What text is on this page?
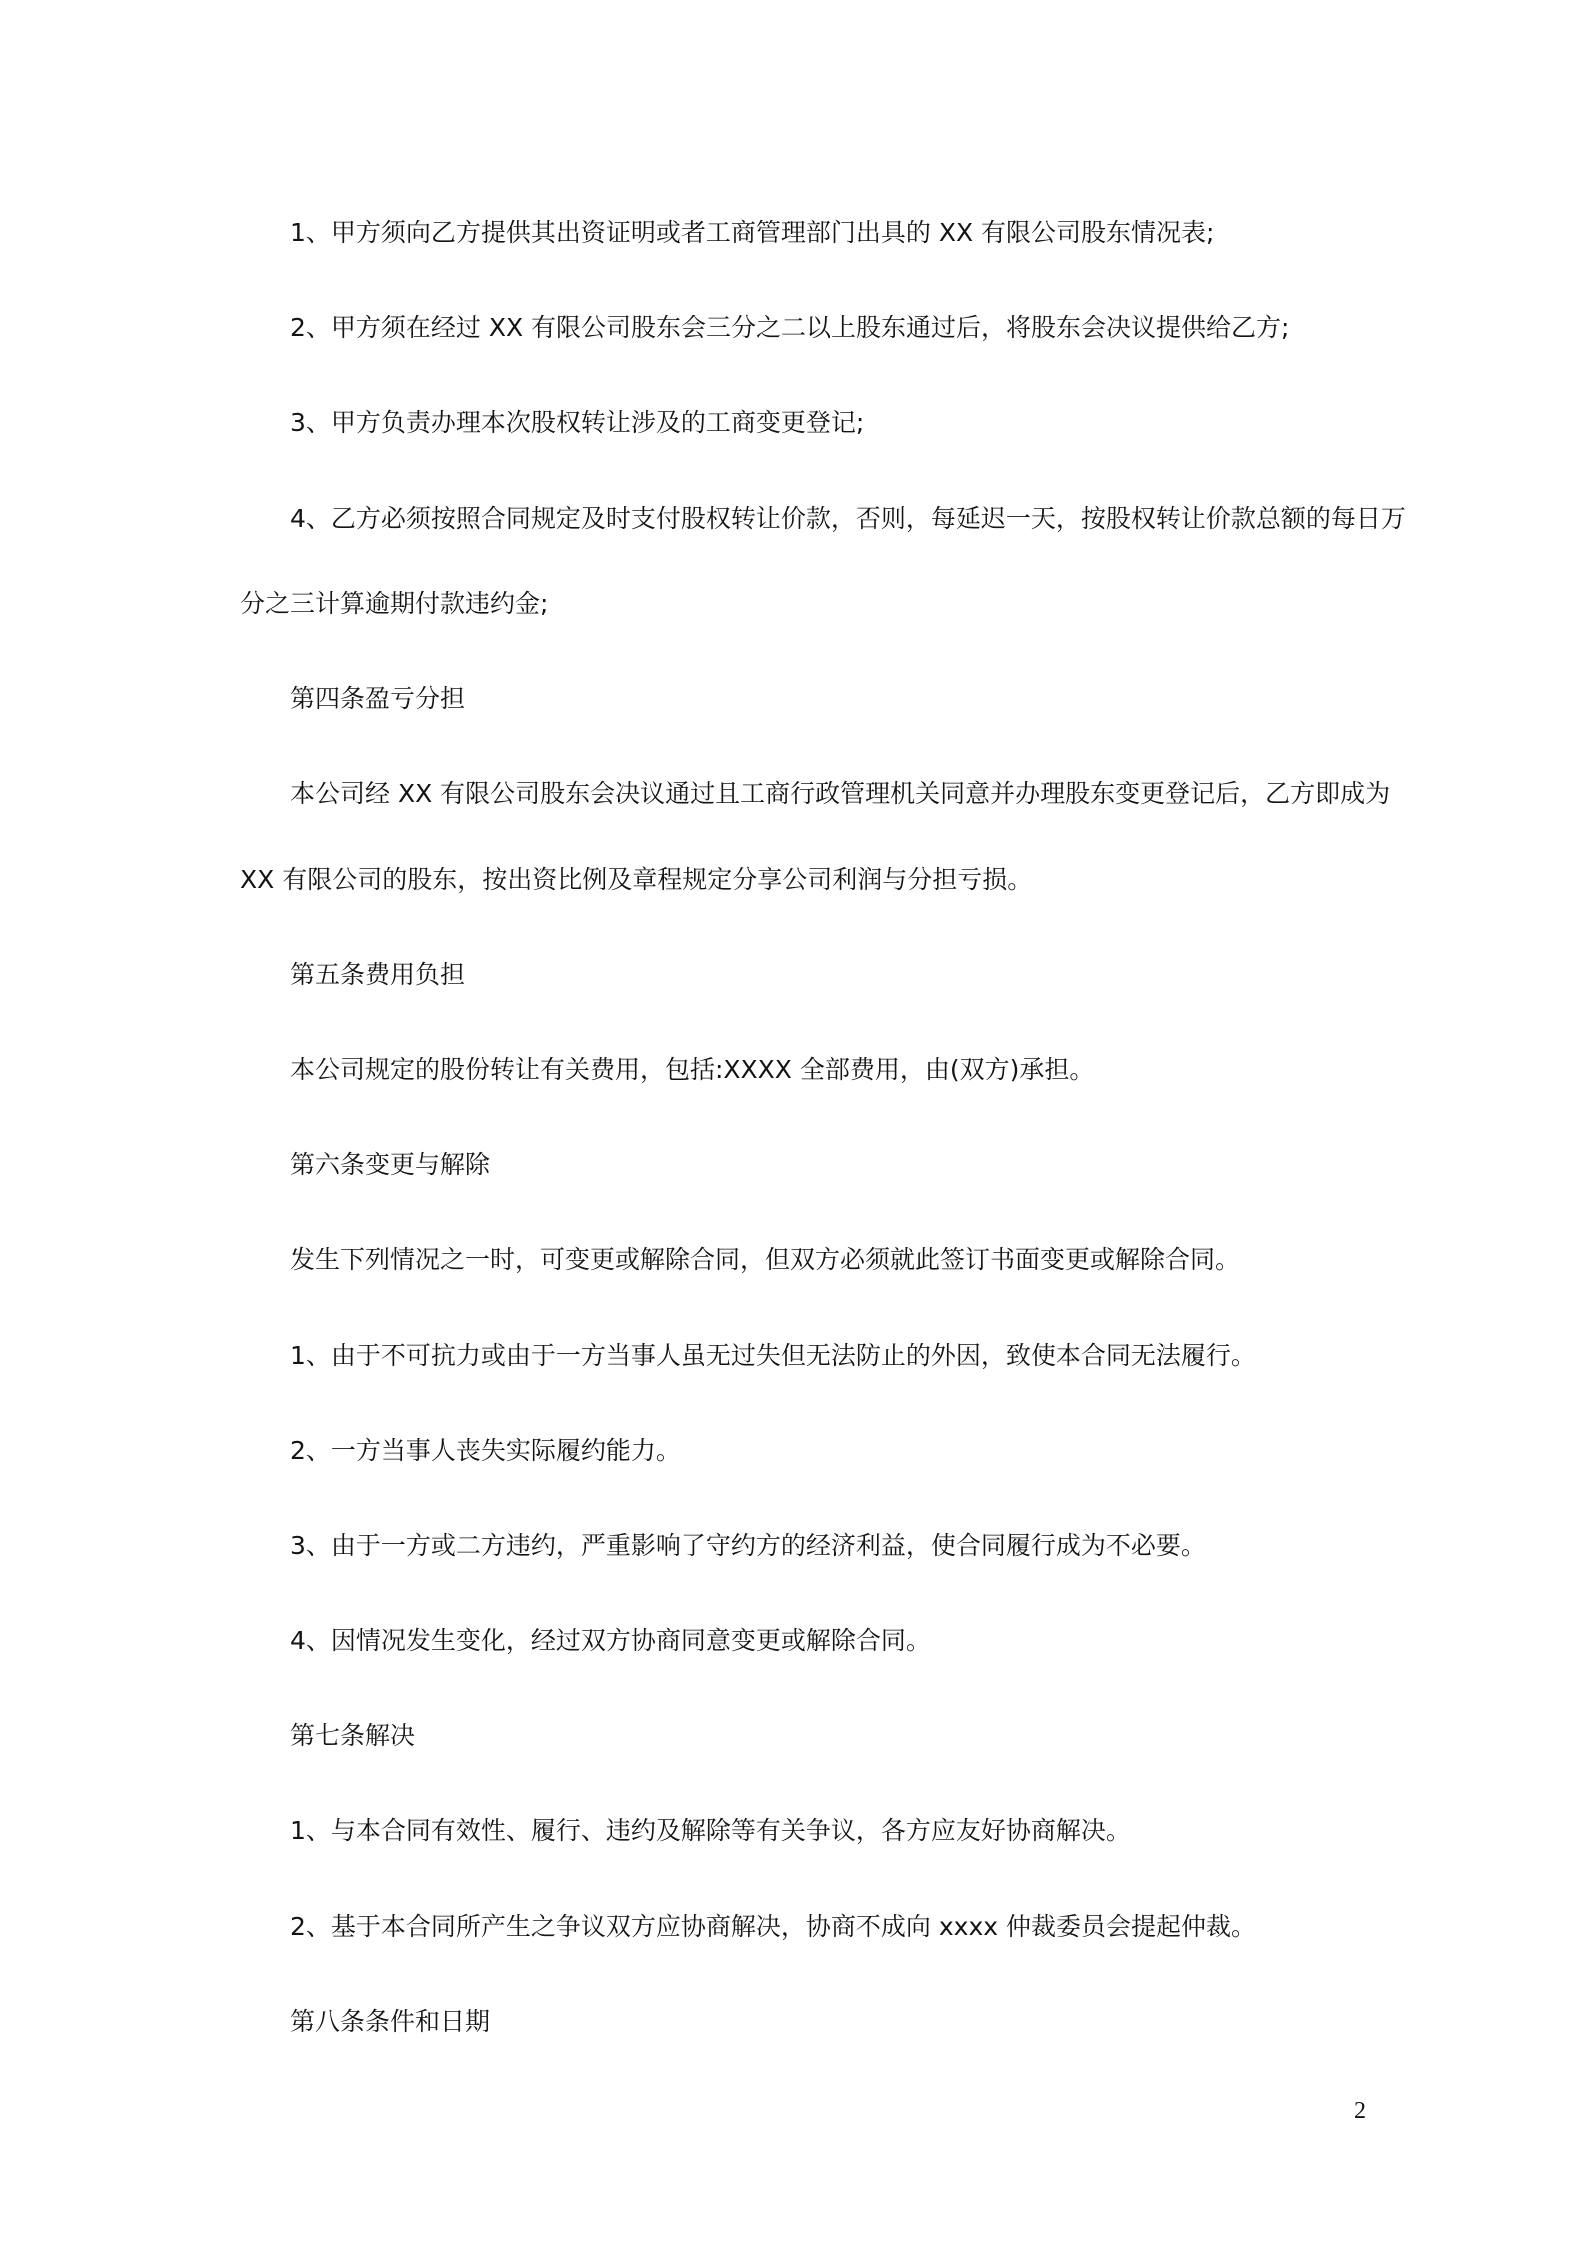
1、甲方须向乙方提供其出资证明或者工商管理部门出具的 XX 有限公司股东情况表;
2、甲方须在经过 XX 有限公司股东会三分之二以上股东通过后，将股东会决议提供给乙方;
3、甲方负责办理本次股权转让涉及的工商变更登记;
4、乙方必须按照合同规定及时支付股权转让价款，否则，每延迟一天，按股权转让价款总额的每日万
分之三计算逾期付款违约金;
第四条盈亏分担
本公司经 XX 有限公司股东会决议通过且工商行政管理机关同意并办理股东变更登记后，乙方即成为
XX 有限公司的股东，按出资比例及章程规定分享公司利润与分担亏损。
第五条费用负担
本公司规定的股份转让有关费用，包括:XXXX 全部费用，由(双方)承担。
第六条变更与解除
发生下列情况之一时，可变更或解除合同，但双方必须就此签订书面变更或解除合同。
1、由于不可抗力或由于一方当事人虽无过失但无法防止的外因，致使本合同无法履行。
2、一方当事人丧失实际履约能力。
3、由于一方或二方违约，严重影响了守约方的经济利益，使合同履行成为不必要。
4、因情况发生变化，经过双方协商同意变更或解除合同。
第七条解决
1、与本合同有效性、履行、违约及解除等有关争议，各方应友好协商解决。
2、基于本合同所产生之争议双方应协商解决，协商不成向 xxxx 仲裁委员会提起仲裁。
第八条条件和日期
2
